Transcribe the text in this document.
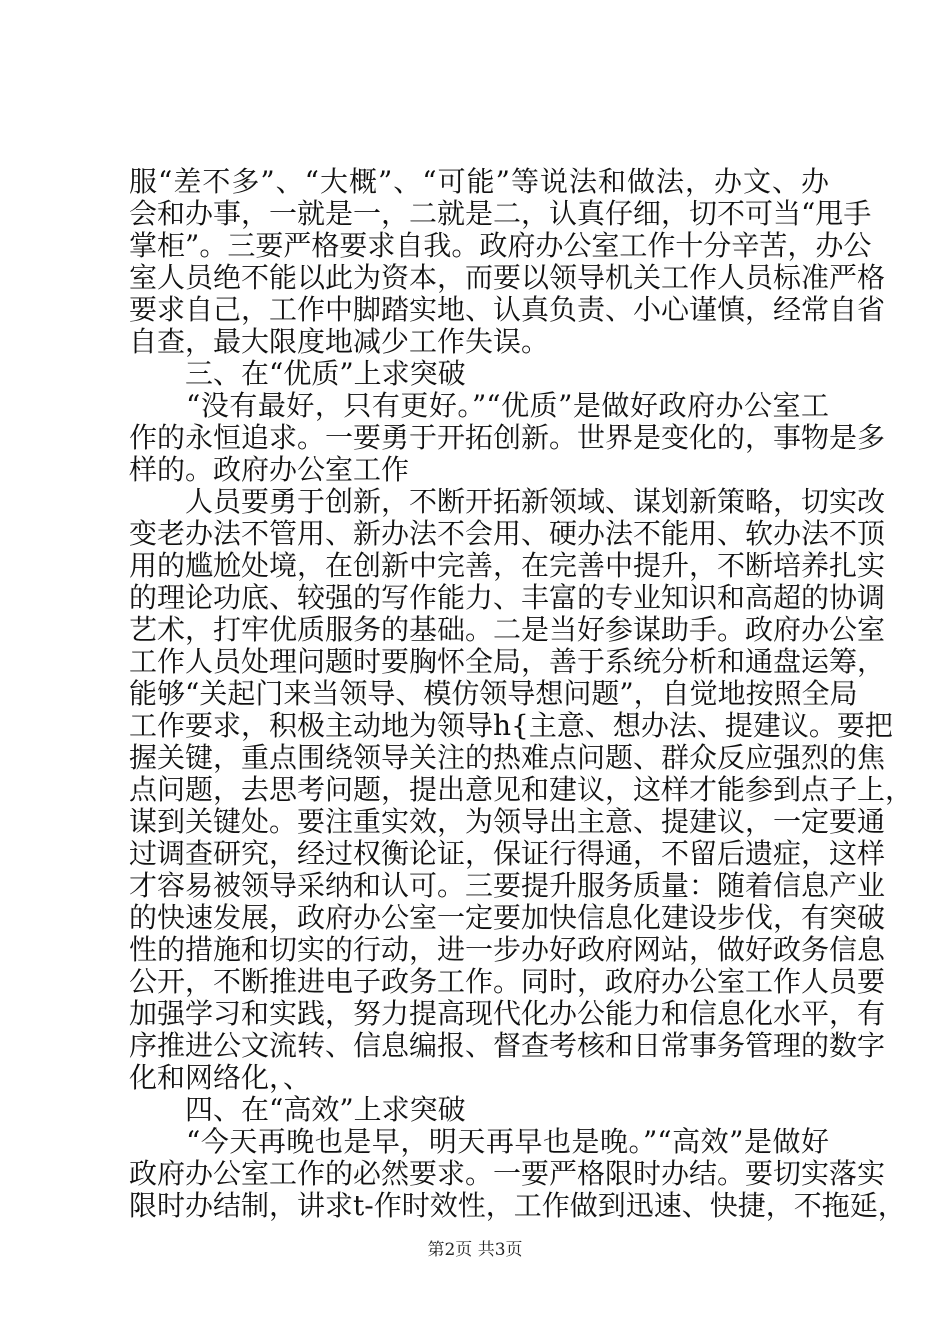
服“差不多”、“大概”、“可能”等说法和做法，办文、办
会和办事，一就是一，二就是二，认真仔细，切不可当“甩手
掌柜”。三要严格要求自我。政府办公室工作十分辛苦，办公
室人员绝不能以此为资本，而要以领导机关工作人员标准严格
要求自己，工作中脚踏实地、认真负责、小心谨慎，经常自省
自查，最大限度地减少工作失误。
　　三、在“优质”上求突破
　　“没有最好，只有更好。”“优质”是做好政府办公室工
作的永恒追求。一要勇于开拓创新。世界是变化的，事物是多
样的。政府办公室工作
　　人员要勇于创新，不断开拓新领域、谋划新策略，切实改
变老办法不管用、新办法不会用、硬办法不能用、软办法不顶
用的尴尬处境，在创新中完善，在完善中提升，不断培养扎实
的理论功底、较强的写作能力、丰富的专业知识和高超的协调
艺术，打牢优质服务的基础。二是当好参谋助手。政府办公室
工作人员处理问题时要胸怀全局，善于系统分析和通盘运筹，
能够“关起门来当领导、模仿领导想问题”，自觉地按照全局
工作要求，积极主动地为领导h{主意、想办法、提建议。要把
握关键，重点围绕领导关注的热难点问题、群众反应强烈的焦
点问题，去思考问题，提出意见和建议，这样才能参到点子上，
谋到关键处。要注重实效，为领导出主意、提建议，一定要通
过调查研究，经过权衡论证，保证行得通，不留后遗症，这样
才容易被领导采纳和认可。三要提升服务质量：随着信息产业
的快速发展，政府办公室一定要加快信息化建设步伐，有突破
性的措施和切实的行动，进一步办好政府网站，做好政务信息
公开，不断推进电子政务工作。同时，政府办公室工作人员要
加强学习和实践，努力提高现代化办公能力和信息化水平，有
序推进公文流转、信息编报、督查考核和日常事务管理的数字
化和网络化，、
　　四、在“高效”上求突破
　　“今天再晚也是早，明天再早也是晚。”“高效”是做好
政府办公室工作的必然要求。一要严格限时办结。要切实落实
限时办结制，讲求t-作时效性，工作做到迅速、快捷，不拖延，
第2页 共3页
